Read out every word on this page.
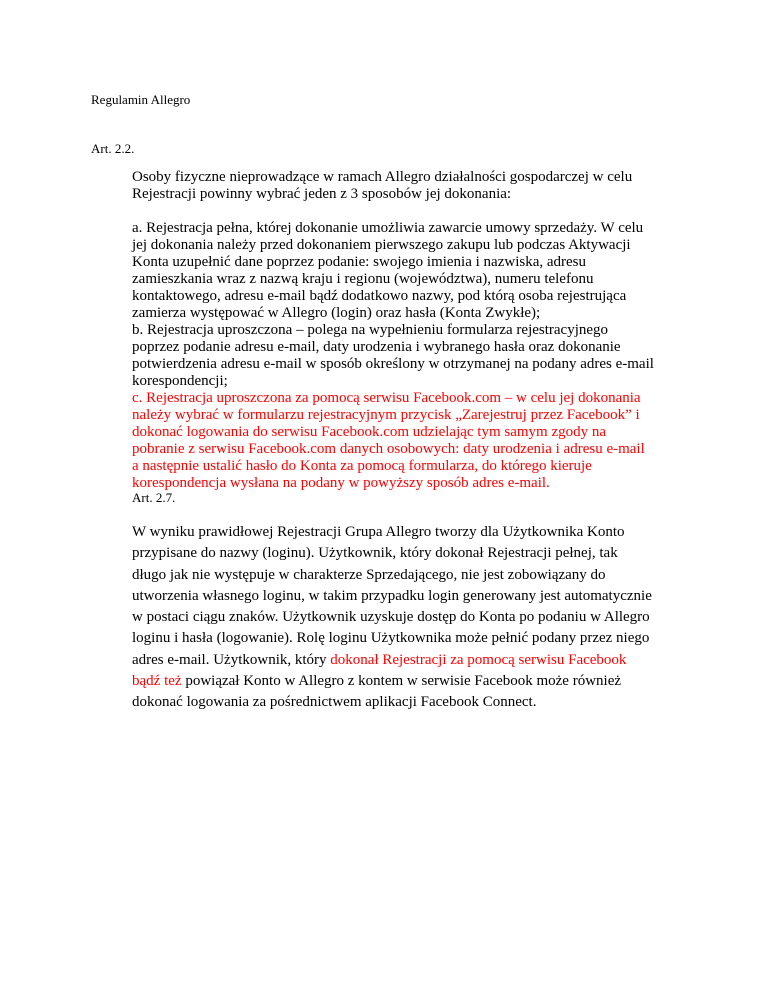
Regulamin Allegro
Art. 2.2.
Osoby fizyczne nieprowadzące w ramach Allegro działalności gospodarczej w celu
Rejestracji powinny wybrać jeden z 3 sposobów jej dokonania:
a. Rejestracja pełna, której dokonanie umożliwia zawarcie umowy sprzedaży. W celu
jej dokonania należy przed dokonaniem pierwszego zakupu lub podczas Aktywacji
Konta uzupełnić dane poprzez podanie: swojego imienia i nazwiska, adresu
zamieszkania wraz z nazwą kraju i regionu (województwa), numeru telefonu
kontaktowego, adresu e-mail bądź dodatkowo nazwy, pod którą osoba rejestrująca
zamierza występować w Allegro (login) oraz hasła (Konta Zwykłe);
b. Rejestracja uproszczona – polega na wypełnieniu formularza rejestracyjnego
poprzez podanie adresu e-mail, daty urodzenia i wybranego hasła oraz dokonanie
potwierdzenia adresu e-mail w sposób określony w otrzymanej na podany adres e-mail
korespondencji;
c. Rejestracja uproszczona za pomocą serwisu Facebook.com – w celu jej dokonania
należy wybrać w formularzu rejestracyjnym przycisk „Zarejestruj przez Facebook” i
dokonać logowania do serwisu Facebook.com udzielając tym samym zgody na
pobranie z serwisu Facebook.com danych osobowych: daty urodzenia i adresu e-mail
a następnie ustalić hasło do Konta za pomocą formularza, do którego kieruje
korespondencja wysłana na podany w powyższy sposób adres e-mail.
Art. 2.7.
W wyniku prawidłowej Rejestracji Grupa Allegro tworzy dla Użytkownika Konto
przypisane do nazwy (loginu). Użytkownik, który dokonał Rejestracji pełnej, tak
długo jak nie występuje w charakterze Sprzedającego, nie jest zobowiązany do
utworzenia własnego loginu, w takim przypadku login generowany jest automatycznie
w postaci ciągu znaków. Użytkownik uzyskuje dostęp do Konta po podaniu w Allegro
loginu i hasła (logowanie). Rolę loginu Użytkownika może pełnić podany przez niego
adres e-mail. Użytkownik, który dokonał Rejestracji za pomocą serwisu Facebook
bądź też powiązał Konto w Allegro z kontem w serwisie Facebook może również
dokonać logowania za pośrednictwem aplikacji Facebook Connect.
